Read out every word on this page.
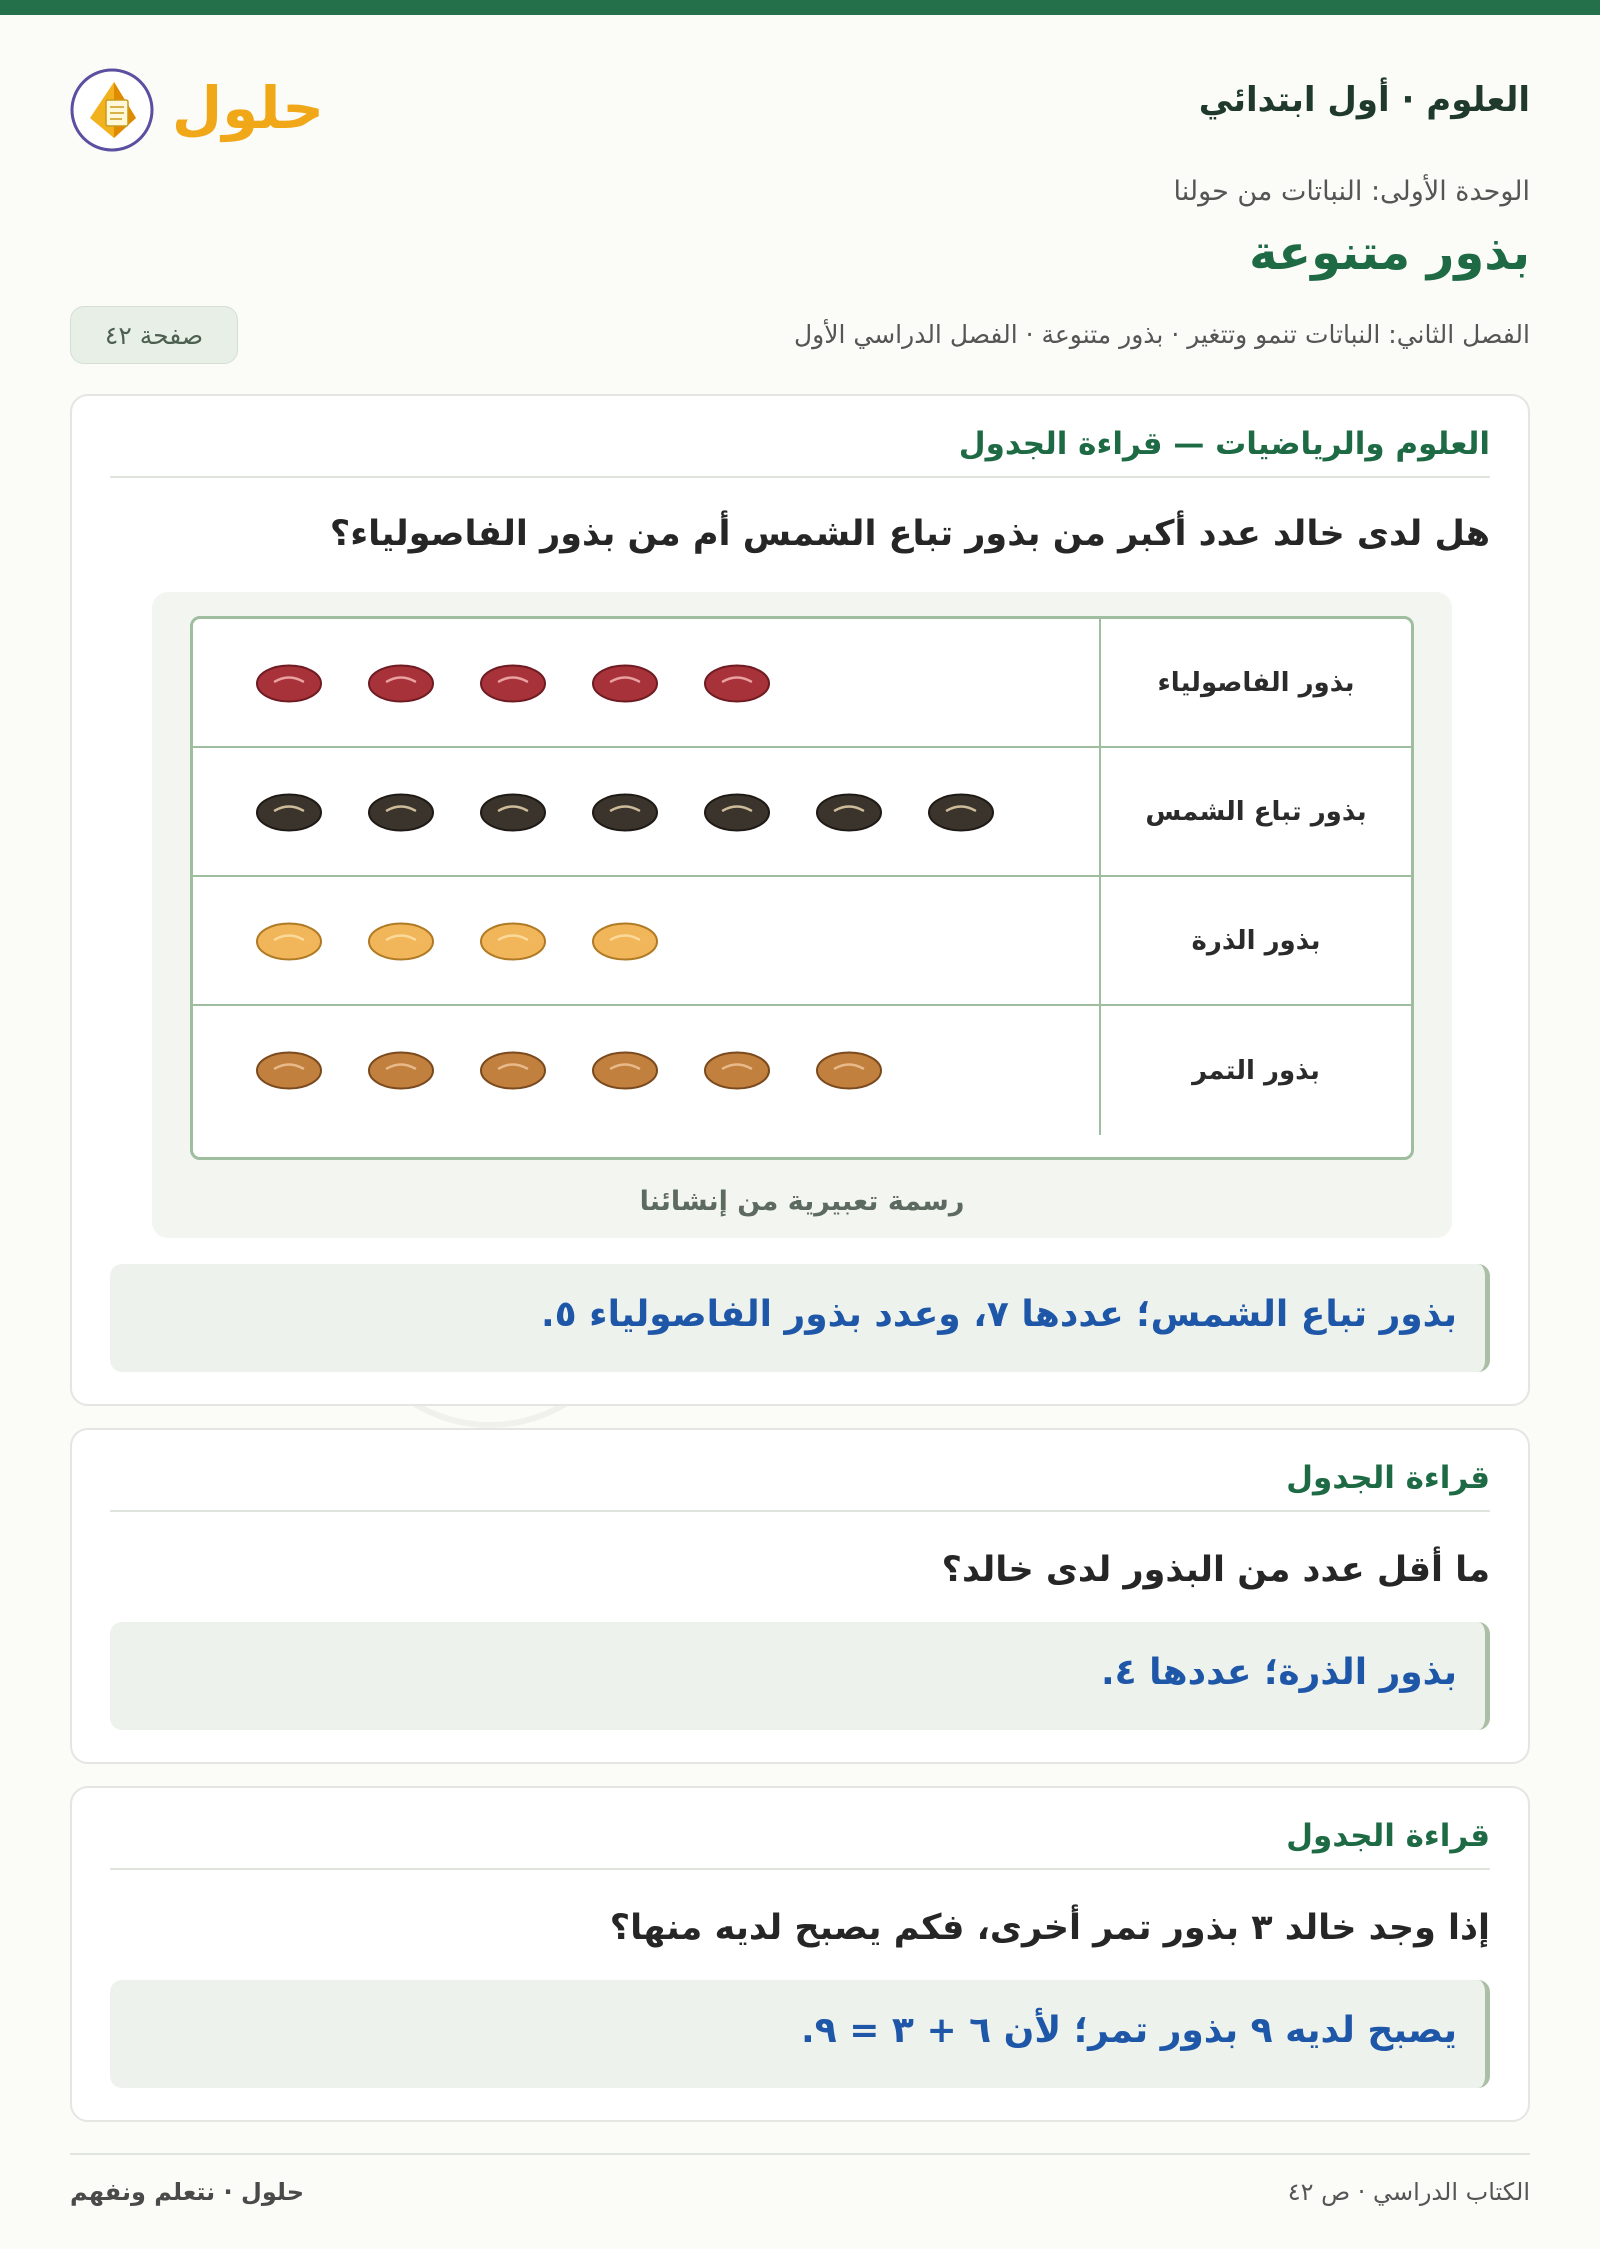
العلوم · أول ابتدائي
حلول
الوحدة الأولى: النباتات من حولنا
بذور متنوعة
الفصل الثاني: النباتات تنمو وتتغير · بذور متنوعة · الفصل الدراسي الأول
صفحة ٤٢
العلوم والرياضيات — قراءة الجدول
هل لدى خالد عدد أكبر من بذور تباع الشمس أم من بذور الفاصولياء؟
بذور الفاصولياء
بذور تباع الشمس
بذور الذرة
بذور التمر
رسمة تعبيرية من إنشائنا
بذور تباع الشمس؛ عددها ٧، وعدد بذور الفاصولياء ٥.
قراءة الجدول
ما أقل عدد من البذور لدى خالد؟
بذور الذرة؛ عددها ٤.
قراءة الجدول
إذا وجد خالد ٣ بذور تمر أخرى، فكم يصبح لديه منها؟
يصبح لديه ٩ بذور تمر؛ لأن ٦ + ٣ = ٩.
الكتاب الدراسي · ص ٤٢
حلول · نتعلم ونفهم
